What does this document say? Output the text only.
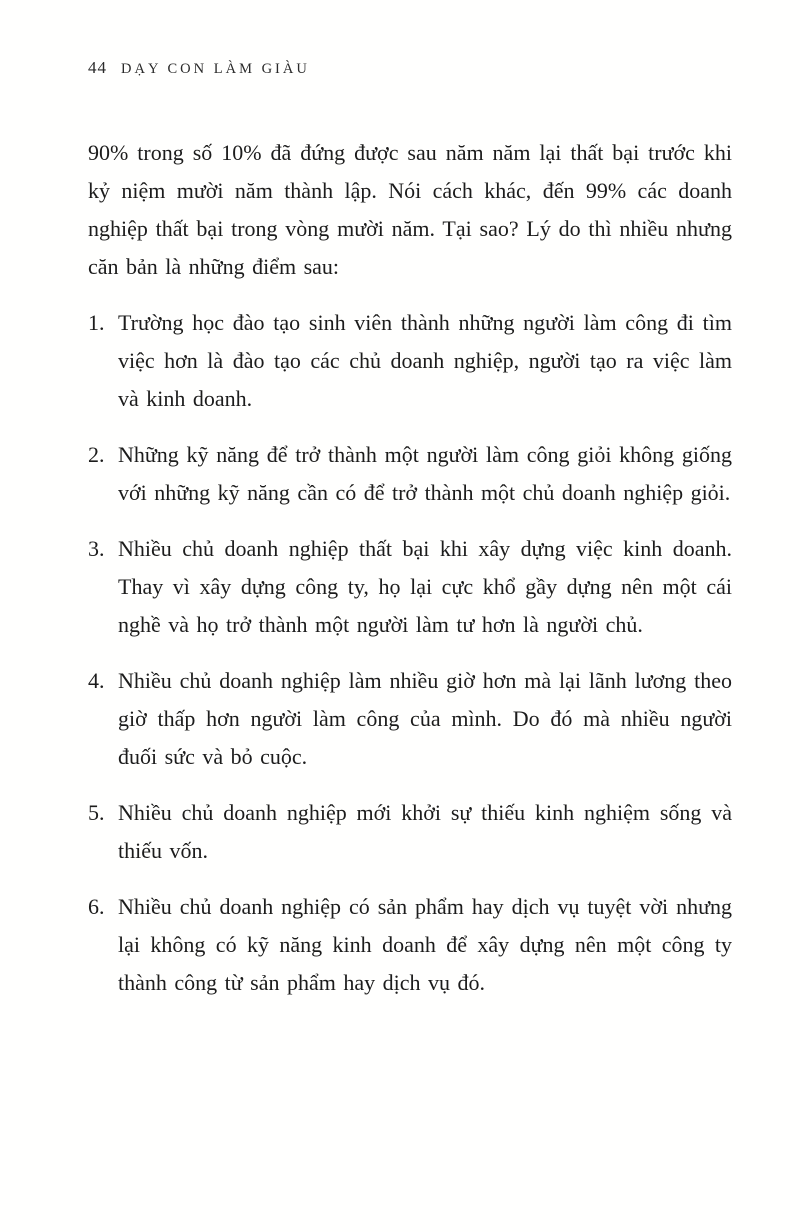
44 DẠY CON LÀM GIÀU

90% trong số 10% đã đứng được sau năm năm lại thất bại trước khi kỷ niệm mười năm thành lập. Nói cách khác, đến 99% các doanh nghiệp thất bại trong vòng mười năm. Tại sao? Lý do thì nhiều nhưng căn bản là những điểm sau:

1. Trường học đào tạo sinh viên thành những người làm công đi tìm việc hơn là đào tạo các chủ doanh nghiệp, người tạo ra việc làm và kinh doanh.
2. Những kỹ năng để trở thành một người làm công giỏi không giống với những kỹ năng cần có để trở thành một chủ doanh nghiệp giỏi.
3. Nhiều chủ doanh nghiệp thất bại khi xây dựng việc kinh doanh. Thay vì xây dựng công ty, họ lại cực khổ gầy dựng nên một cái nghề và họ trở thành một người làm tư hơn là người chủ.
4. Nhiều chủ doanh nghiệp làm nhiều giờ hơn mà lại lãnh lương theo giờ thấp hơn người làm công của mình. Do đó mà nhiều người đuối sức và bỏ cuộc.
5. Nhiều chủ doanh nghiệp mới khởi sự thiếu kinh nghiệm sống và thiếu vốn.
6. Nhiều chủ doanh nghiệp có sản phẩm hay dịch vụ tuyệt vời nhưng lại không có kỹ năng kinh doanh để xây dựng nên một công ty thành công từ sản phẩm hay dịch vụ đó.
